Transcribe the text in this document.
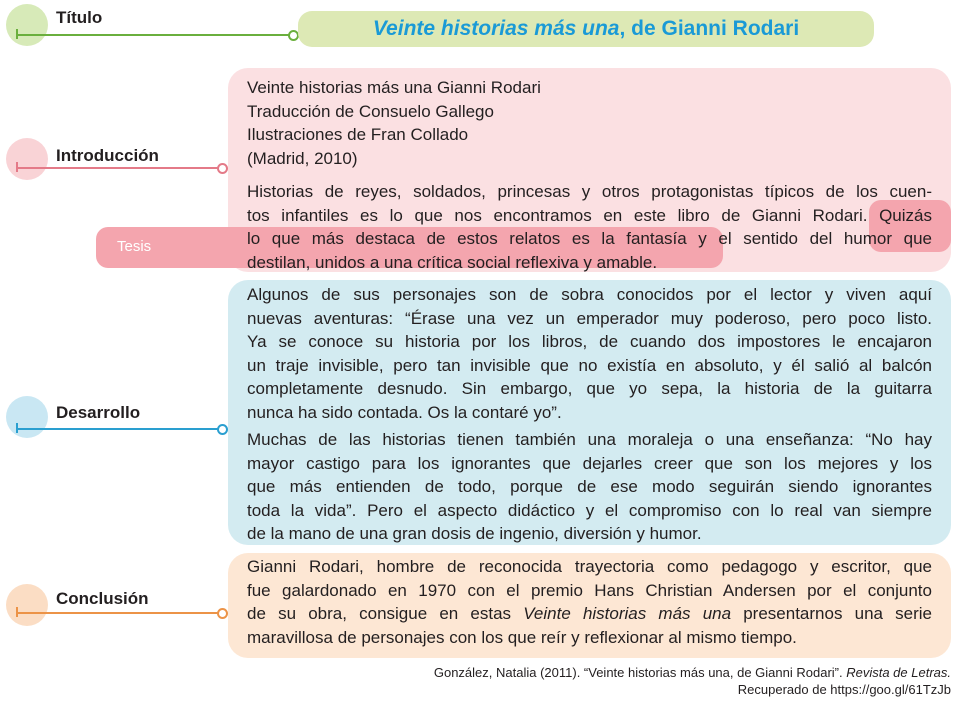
Título	Veinte historias más una, de Gianni Rodari
Introducción
Tesis
Veinte historias más una Gianni Rodari
Traducción de Consuelo Gallego
Ilustraciones de Fran Collado
(Madrid, 2010)
Historias de reyes, soldados, princesas y otros protagonistas típicos de los cuen-
tos infantiles es lo que nos encontramos en este libro de Gianni Rodari. Quizás
lo que más destaca de estos relatos es la fantasía y el sentido del humor que
destilan, unidos a una crítica social reflexiva y amable.
Desarrollo
Algunos de sus personajes son de sobra conocidos por el lector y viven aquí
nuevas aventuras: “Érase una vez un emperador muy poderoso, pero poco listo.
Ya se conoce su historia por los libros, de cuando dos impostores le encajaron
un traje invisible, pero tan invisible que no existía en absoluto, y él salió al balcón
completamente desnudo. Sin embargo, que yo sepa, la historia de la guitarra
nunca ha sido contada. Os la contaré yo”.
Muchas de las historias tienen también una moraleja o una enseñanza: “No hay
mayor castigo para los ignorantes que dejarles creer que son los mejores y los
que más entienden de todo, porque de ese modo seguirán siendo ignorantes
toda la vida”. Pero el aspecto didáctico y el compromiso con lo real van siempre
de la mano de una gran dosis de ingenio, diversión y humor.
Conclusión
Gianni Rodari, hombre de reconocida trayectoria como pedagogo y escritor, que
fue galardonado en 1970 con el premio Hans Christian Andersen por el conjunto
de su obra, consigue en estas Veinte historias más una presentarnos una serie
maravillosa de personajes con los que reír y reflexionar al mismo tiempo.
González, Natalia (2011). “Veinte historias más una, de Gianni Rodari”. Revista de Letras.
Recuperado de https://goo.gl/61TzJb
